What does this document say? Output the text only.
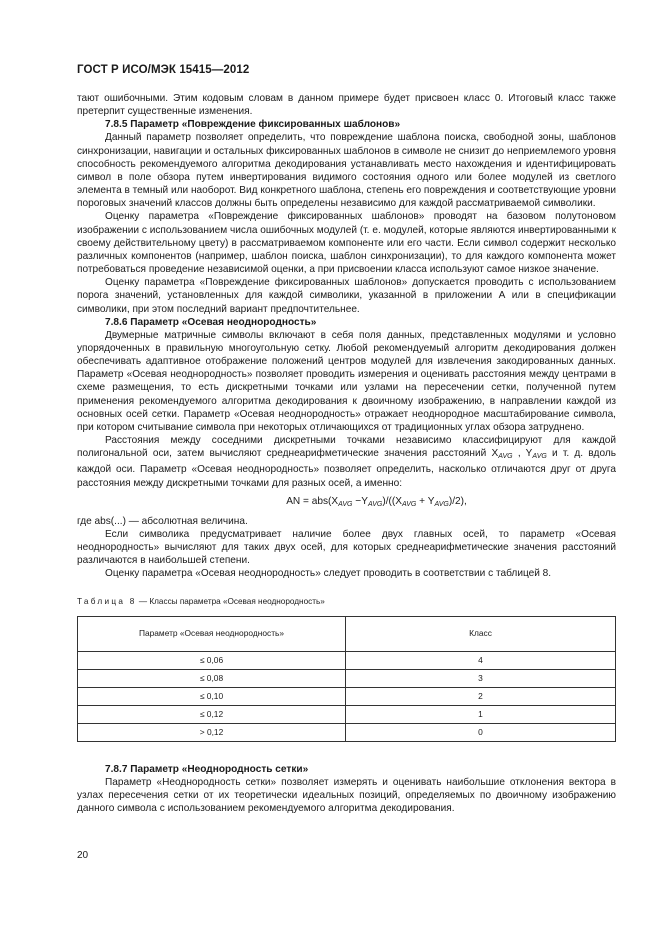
ГОСТ Р ИСО/МЭК 15415—2012

тают ошибочными. Этим кодовым словам в данном примере будет присвоен класс 0. Итоговый класс также претерпит существенные изменения.

7.8.5 Параметр «Повреждение фиксированных шаблонов»

Данный параметр позволяет определить, что повреждение шаблона поиска, свободной зоны, шаблонов синхронизации, навигации и остальных фиксированных шаблонов в символе не снизит до неприемлемого уровня способность рекомендуемого алгоритма декодирования устанавливать место нахождения и идентифицировать символ в поле обзора путем инвертирования видимого состояния одного или более модулей из светлого элемента в темный или наоборот. Вид конкретного шаблона, степень его повреждения и соответствующие уровни пороговых значений классов должны быть определены независимо для каждой рассматриваемой символики.

Оценку параметра «Повреждение фиксированных шаблонов» проводят на базовом полутоновом изображении с использованием числа ошибочных модулей (т. е. модулей, которые являются инвертированными к своему действительному цвету) в рассматриваемом компоненте или его части. Если символ содержит несколько различных компонентов (например, шаблон поиска, шаблон синхронизации), то для каждого компонента может потребоваться проведение независимой оценки, а при присвоении класса используют самое низкое значение.

Оценку параметра «Повреждение фиксированных шаблонов» допускается проводить с использованием порога значений, установленных для каждой символики, указанной в приложении А или в спецификации символики, при этом последний вариант предпочтительнее.

7.8.6 Параметр «Осевая неоднородность»

Двумерные матричные символы включают в себя поля данных, представленных модулями и условно упорядоченных в правильную многоугольную сетку. Любой рекомендуемый алгоритм декодирования должен обеспечивать адаптивное отображение положений центров модулей для извлечения закодированных данных. Параметр «Осевая неоднородность» позволяет проводить измерения и оценивать расстояния между центрами в схеме размещения, то есть дискретными точками или узлами на пересечении сетки, полученной путем применения рекомендуемого алгоритма декодирования к двоичному изображению, в направлении каждой из основных осей сетки. Параметр «Осевая неоднородность» отражает неоднородное масштабирование символа, при котором считывание символа при некоторых отличающихся от традиционных углах обзора затруднено.

Расстояния между соседними дискретными точками независимо классифицируют для каждой полигональной оси, затем вычисляют среднеарифметические значения расстояний $X_{AVG}$ , $Y_{AVG}$ и т. д. вдоль каждой оси. Параметр «Осевая неоднородность» позволяет определить, насколько отличаются друг от друга расстояния между дискретными точками для разных осей, а именно:

AN = $abs(X_{AVG} -Y_{AVG})/((X_{AVG} + Y_{AVG})/2)$,

где abs(...) — абсолютная величина.

Если символика предусматривает наличие более двух главных осей, то параметр «Осевая неоднородность» вычисляют для таких двух осей, для которых среднеарифметические значения расстояний различаются в наибольшей степени.

Оценку параметра «Осевая неоднородность» следует проводить в соответствии с таблицей 8.

Таблица 8 — Классы параметра «Осевая неоднородность»
Параметр «Осевая неоднородность»	Класс
≤ 0,06	4
≤ 0,08	3
≤ 0,10	2
≤ 0,12	1
> 0,12	0
7.8.7 Параметр «Неоднородность сетки»

Параметр «Неоднородность сетки» позволяет измерять и оценивать наибольшие отклонения вектора в узлах пересечения сетки от их теоретически идеальных позиций, определяемых по двоичному изображению данного символа с использованием рекомендуемого алгоритма декодирования.

20
